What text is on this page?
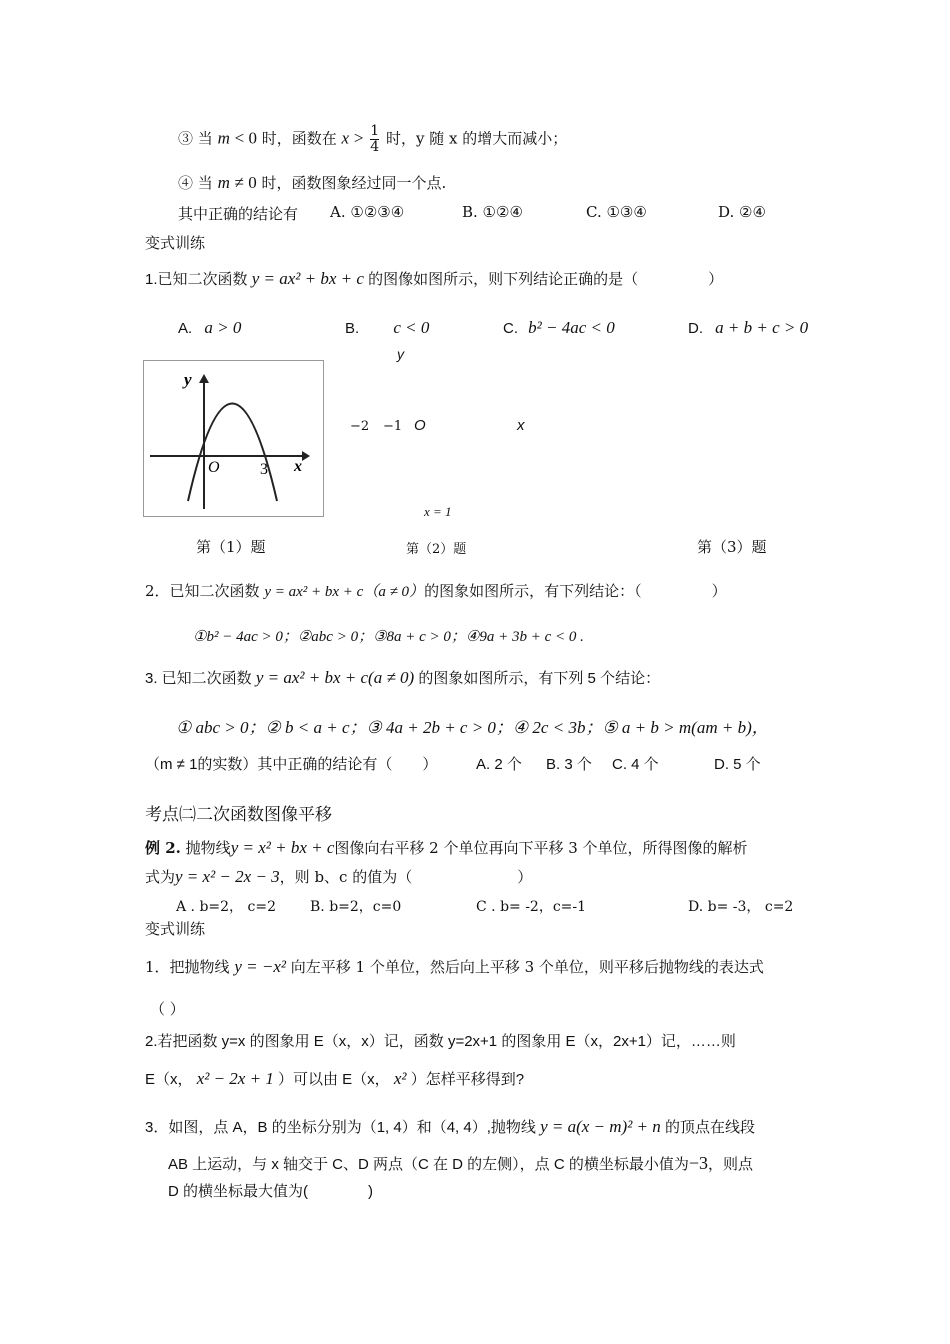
③ 当 m < 0 时，函数在 $x > \frac{1}{4}$ 时，y 随 x 的增大而减小；
④ 当 m ≠ 0 时，函数图象经过同一个点.
其中正确的结论有 A. ①②③④	B. ①②④	C. ①③④	D. ②④
变式训练
1.已知二次函数 y = ax² + bx + c 的图像如图所示，则下列结论正确的是（	）
A. a > 0	B. c < 0	C. b² − 4ac < 0	D. a + b + c > 0
y
x
O	3
y
−2 −1 O	x
x = 1
第（1）题	第（2）题	第（3）题
2．已知二次函数 y = ax² + bx + c（a ≠ 0）的图象如图所示，有下列结论：（	）
①b² − 4ac > 0；②abc > 0；③8a + c > 0；④9a + 3b + c < 0 .
3. 已知二次函数 y = ax² + bx + c(a ≠ 0) 的图象如图所示，有下列 5 个结论：
① abc > 0；② b < a + c；③ 4a + 2b + c > 0；④ 2c < 3b；⑤ a + b > m(am + b)，
（m ≠ 1的实数）其中正确的结论有（ ）	A. 2 个 B. 3 个 C. 4 个	D. 5 个
考点㈡二次函数图像平移
例 2. 抛物线y = x² + bx + c图像向右平移 2 个单位再向下平移 3 个单位，所得图像的解析
式为y = x² − 2x − 3，则 b、c 的值为（	）
A . b=2， c=2 B. b=2，c=0	C . b= -2，c=-1	D. b= -3， c=2
变式训练
1．把抛物线 y = −x² 向左平移 1 个单位，然后向上平移 3 个单位，则平移后抛物线的表达式
（ ）
2.若把函数 y=x 的图象用 E（x，x）记，函数 y=2x+1 的图象用 E（x，2x+1）记，……则
E（x， x² − 2x + 1 ）可以由 E（x， x² ）怎样平移得到?
3．如图，点 A，B 的坐标分别为（1, 4）和（4, 4）,抛物线 y = a(x − m)² + n 的顶点在线段
AB 上运动，与 x 轴交于 C、D 两点（C 在 D 的左侧），点 C 的横坐标最小值为−3，则点
D 的横坐标最大值为(	)
